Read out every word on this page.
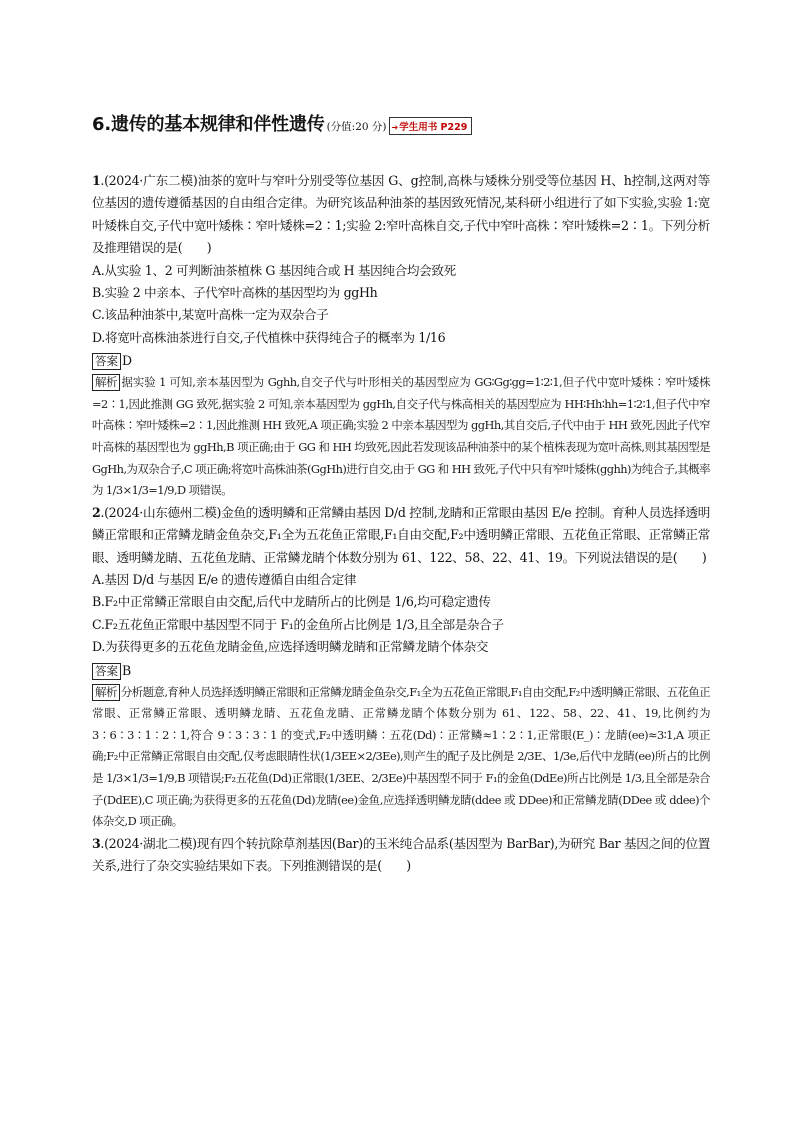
6.遗传的基本规律和伴性遗传 (分值:20 分) ➔学生用书 P229
1.(2024·广东二模)油茶的宽叶与窄叶分别受等位基因 G、g控制,高株与矮株分别受等位基因 H、h控制,这两对等位基因的遗传遵循基因的自由组合定律。为研究该品种油茶的基因致死情况,某科研小组进行了如下实验,实验 1:宽叶矮株自交,子代中宽叶矮株∶窄叶矮株=2∶1;实验 2:窄叶高株自交,子代中窄叶高株∶窄叶矮株=2∶1。下列分析及推理错误的是(　　)
A.从实验 1、2 可判断油茶植株 G 基因纯合或 H 基因纯合均会致死
B.实验 2 中亲本、子代窄叶高株的基因型均为 ggHh
C.该品种油茶中,某宽叶高株一定为双杂合子
D.将宽叶高株油茶进行自交,子代植株中获得纯合子的概率为 1/16
答案 D
解析 据实验 1 可知,亲本基因型为 Gghh,自交子代与叶形相关的基因型应为 GG∶Gg∶gg=1∶2∶1,但子代中宽叶矮株∶窄叶矮株=2∶1,因此推测 GG 致死,据实验 2 可知,亲本基因型为 ggHh,自交子代与株高相关的基因型应为 HH∶Hh∶hh=1∶2∶1,但子代中窄叶高株∶窄叶矮株=2∶1,因此推测 HH 致死,A 项正确;实验 2 中亲本基因型为 ggHh,其自交后,子代中由于 HH 致死,因此子代窄叶高株的基因型也为 ggHh,B 项正确;由于 GG 和 HH 均致死,因此若发现该品种油茶中的某个植株表现为宽叶高株,则其基因型是 GgHh,为双杂合子,C 项正确;将宽叶高株油茶(GgHh)进行自交,由于 GG 和 HH 致死,子代中只有窄叶矮株(gghh)为纯合子,其概率为 1/3×1/3=1/9,D 项错误。
2.(2024·山东德州二模)金鱼的透明鳞和正常鳞由基因 D/d 控制,龙睛和正常眼由基因 E/e 控制。育种人员选择透明鳞正常眼和正常鳞龙睛金鱼杂交,F₁全为五花鱼正常眼,F₁自由交配,F₂中透明鳞正常眼、五花鱼正常眼、正常鳞正常眼、透明鳞龙睛、五花鱼龙睛、正常鳞龙睛个体数分别为 61、122、58、22、41、19。下列说法错误的是(　　)
A.基因 D/d 与基因 E/e 的遗传遵循自由组合定律
B.F₂中正常鳞正常眼自由交配,后代中龙睛所占的比例是 1/6,均可稳定遗传
C.F₂五花鱼正常眼中基因型不同于 F₁的金鱼所占比例是 1/3,且全部是杂合子
D.为获得更多的五花鱼龙睛金鱼,应选择透明鳞龙睛和正常鳞龙睛个体杂交
答案 B
解析 分析题意,育种人员选择透明鳞正常眼和正常鳞龙睛金鱼杂交,F₁全为五花鱼正常眼,F₁自由交配,F₂中透明鳞正常眼、五花鱼正常眼、正常鳞正常眼、透明鳞龙睛、五花鱼龙睛、正常鳞龙睛个体数分别为 61、122、58、22、41、19,比例约为 3∶6∶3∶1∶2∶1,符合 9∶3∶3∶1 的变式,F₂中透明鳞∶五花(Dd)∶正常鳞≈1∶2∶1,正常眼(E_)∶龙睛(ee)≈3∶1,A 项正确;F₂中正常鳞正常眼自由交配,仅考虑眼睛性状(1/3EE×2/3Ee),则产生的配子及比例是 2/3E、1/3e,后代中龙睛(ee)所占的比例是 1/3×1/3=1/9,B 项错误;F₂五花鱼(Dd)正常眼(1/3EE、2/3Ee)中基因型不同于 F₁的金鱼(DdEe)所占比例是 1/3,且全部是杂合子(DdEE),C 项正确;为获得更多的五花鱼(Dd)龙睛(ee)金鱼,应选择透明鳞龙睛(ddee 或 DDee)和正常鳞龙睛(DDee 或 ddee)个体杂交,D 项正确。
3.(2024·湖北二模)现有四个转抗除草剂基因(Bar)的玉米纯合品系(基因型为 BarBar),为研究 Bar 基因之间的位置关系,进行了杂交实验结果如下表。下列推测错误的是(　　)
